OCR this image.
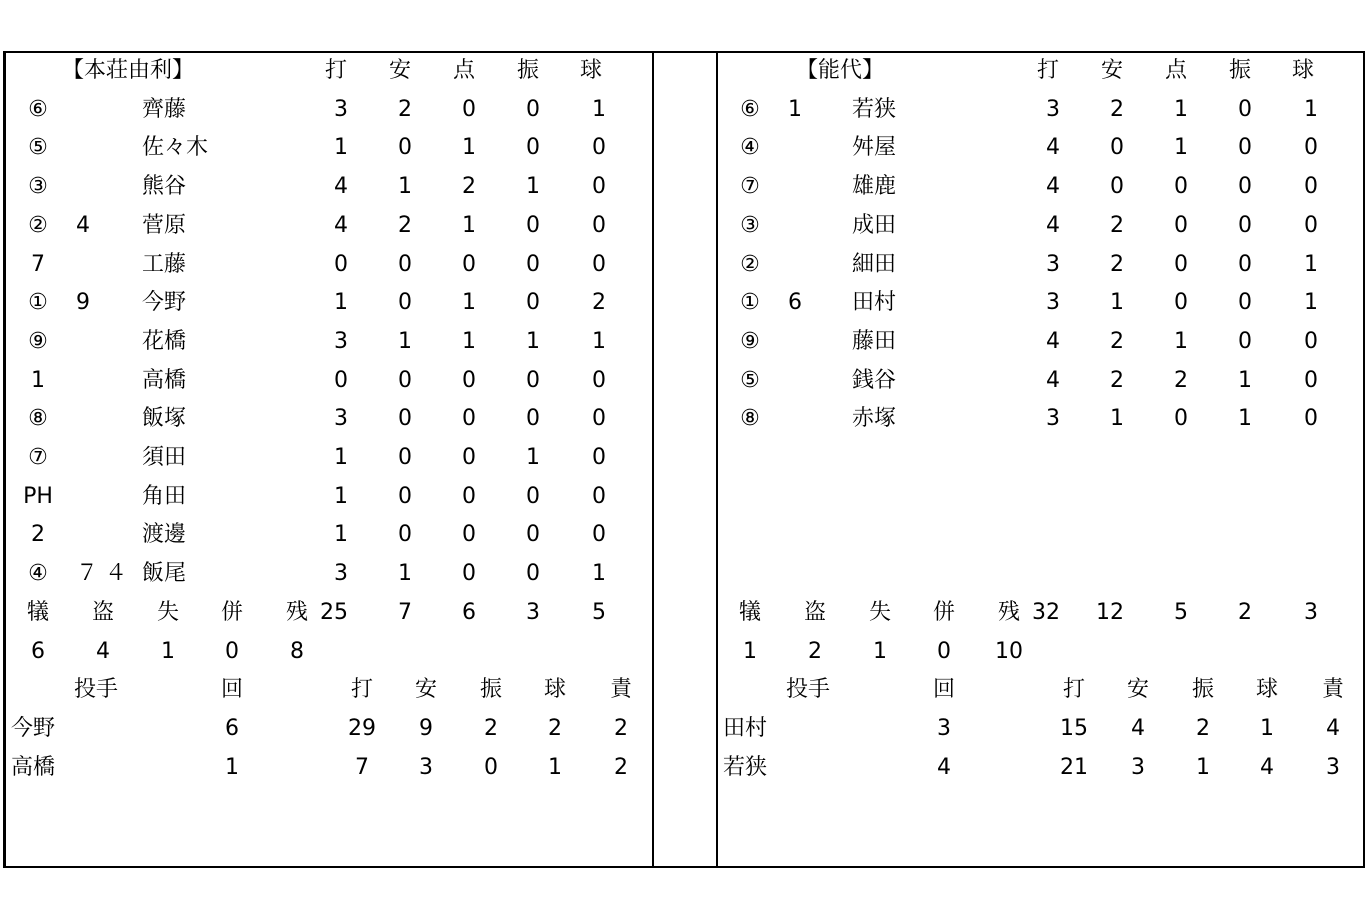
【本荘由利】	打 安 点 振 球
⑥	齊藤	3	2	0	0	1
⑤	佐々木	1	0	1	0	0
③	熊谷	4	1	2	1	0
②	4 菅原	4	2	1	0	0
7	工藤	0	0	0	0	0
①	9 今野	1	0	1	0	2
⑨	花橋	3	1	1	1	1
1	高橋	0	0	0	0	0
⑧	飯塚	3	0	0	0	0
⑦	須田	1	0	0	1	0
PH	角田	1	0	0	0	0
2	渡邊	1	0	0	0	0
④	７ ４ 飯尾	3	1	0	0	1
犠	盗	失	併	残 25	7	6	3	5
6	4	1	0	8
投手	回	打	安	振	球	責
今野	6	29	9	2	2	2
高橋	1	7	3	0	1	2
【能代】	打 安 点 振 球
⑥	1 若狭	3	2	1	0	1
④	舛屋	4	0	1	0	0
⑦	雄鹿	4	0	0	0	0
③	成田	4	2	0	0	0
②	細田	3	2	0	0	1
①	6 田村	3	1	0	0	1
⑨	藤田	4	2	1	0	0
⑤	銭谷	4	2	2	1	0
⑧	赤塚	3	1	0	1	0
犠	盗	失	併	残 32	12	5	2	3
1	2	1	0	10
投手	回	打	安	振	球	責
田村	3	15	4	2	1	4
若狭	4	21	3	1	4	3
